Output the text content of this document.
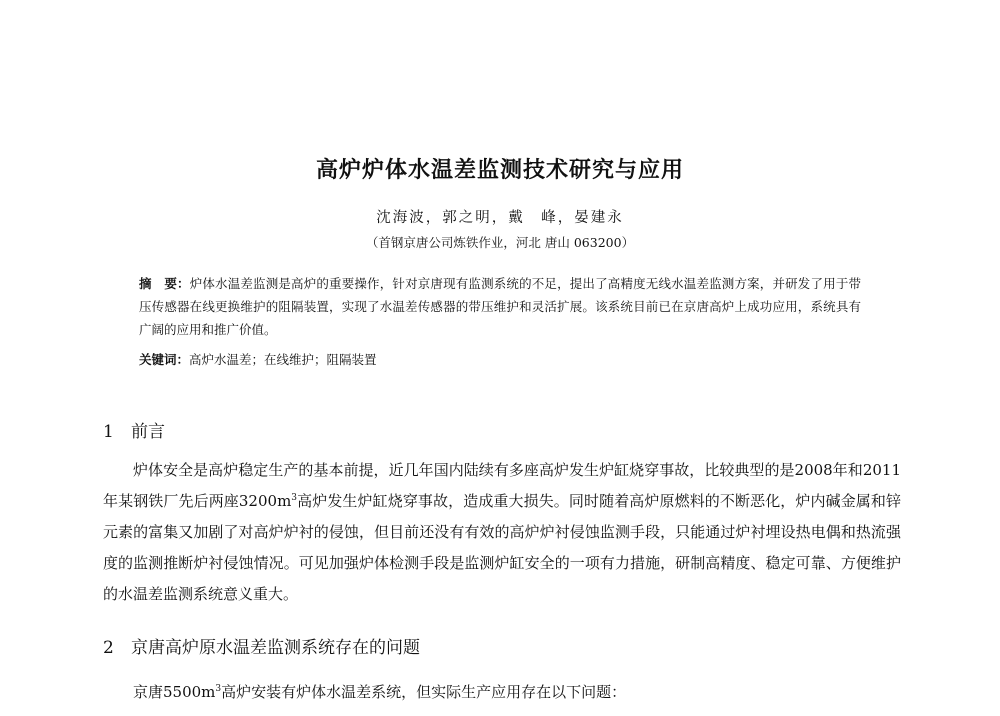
高炉炉体水温差监测技术研究与应用
沈海波，郭之明，戴　峰，晏建永
（首钢京唐公司炼铁作业，河北 唐山 063200）
摘　要：炉体水温差监测是高炉的重要操作，针对京唐现有监测系统的不足，提出了高精度无线水温差监测方案，并研发了用于带压传感器在线更换维护的阻隔装置，实现了水温差传感器的带压维护和灵活扩展。该系统目前已在京唐高炉上成功应用，系统具有广阔的应用和推广价值。
关键词：高炉水温差；在线维护；阻隔装置
1 前言
炉体安全是高炉稳定生产的基本前提，近几年国内陆续有多座高炉发生炉缸烧穿事故，比较典型的是2008年和2011年某钢铁厂先后两座$3200m^3$高炉发生炉缸烧穿事故，造成重大损失。同时随着高炉原燃料的不断恶化，炉内碱金属和锌元素的富集又加剧了对高炉炉衬的侵蚀，但目前还没有有效的高炉炉衬侵蚀监测手段，只能通过炉衬埋设热电偶和热流强度的监测推断炉衬侵蚀情况。可见加强炉体检测手段是监测炉缸安全的一项有力措施，研制高精度、稳定可靠、方便维护的水温差监测系统意义重大。
2 京唐高炉原水温差监测系统存在的问题
京唐$5500m^3$高炉安装有炉体水温差系统，但实际生产应用存在以下问题：
